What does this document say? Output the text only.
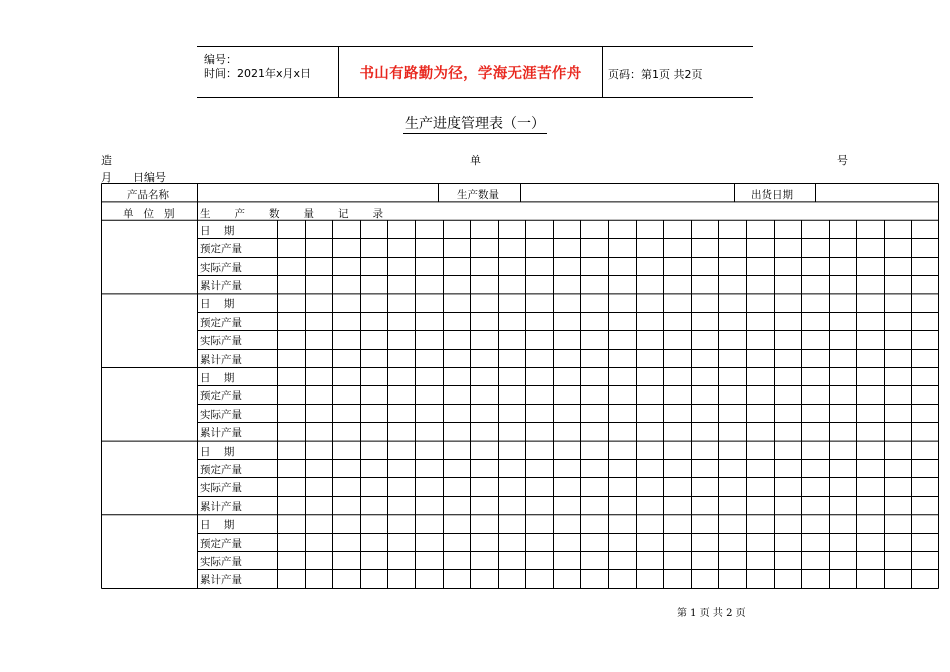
编号：
时间：2021年x月x日	书山有路勤为径，学海无涯苦作舟	页码：第1页 共2页
生产进度管理表（一）
造	单	号
月      日编号
产品名称	生产数量	出货日期
单位别 生产数量记录
日    期
预定产量
实际产量
累计产量
日    期
预定产量
实际产量
累计产量
日    期
预定产量
实际产量
累计产量
日    期
预定产量
实际产量
累计产量
日    期
预定产量
实际产量
累计产量
第 1 页 共 2 页
